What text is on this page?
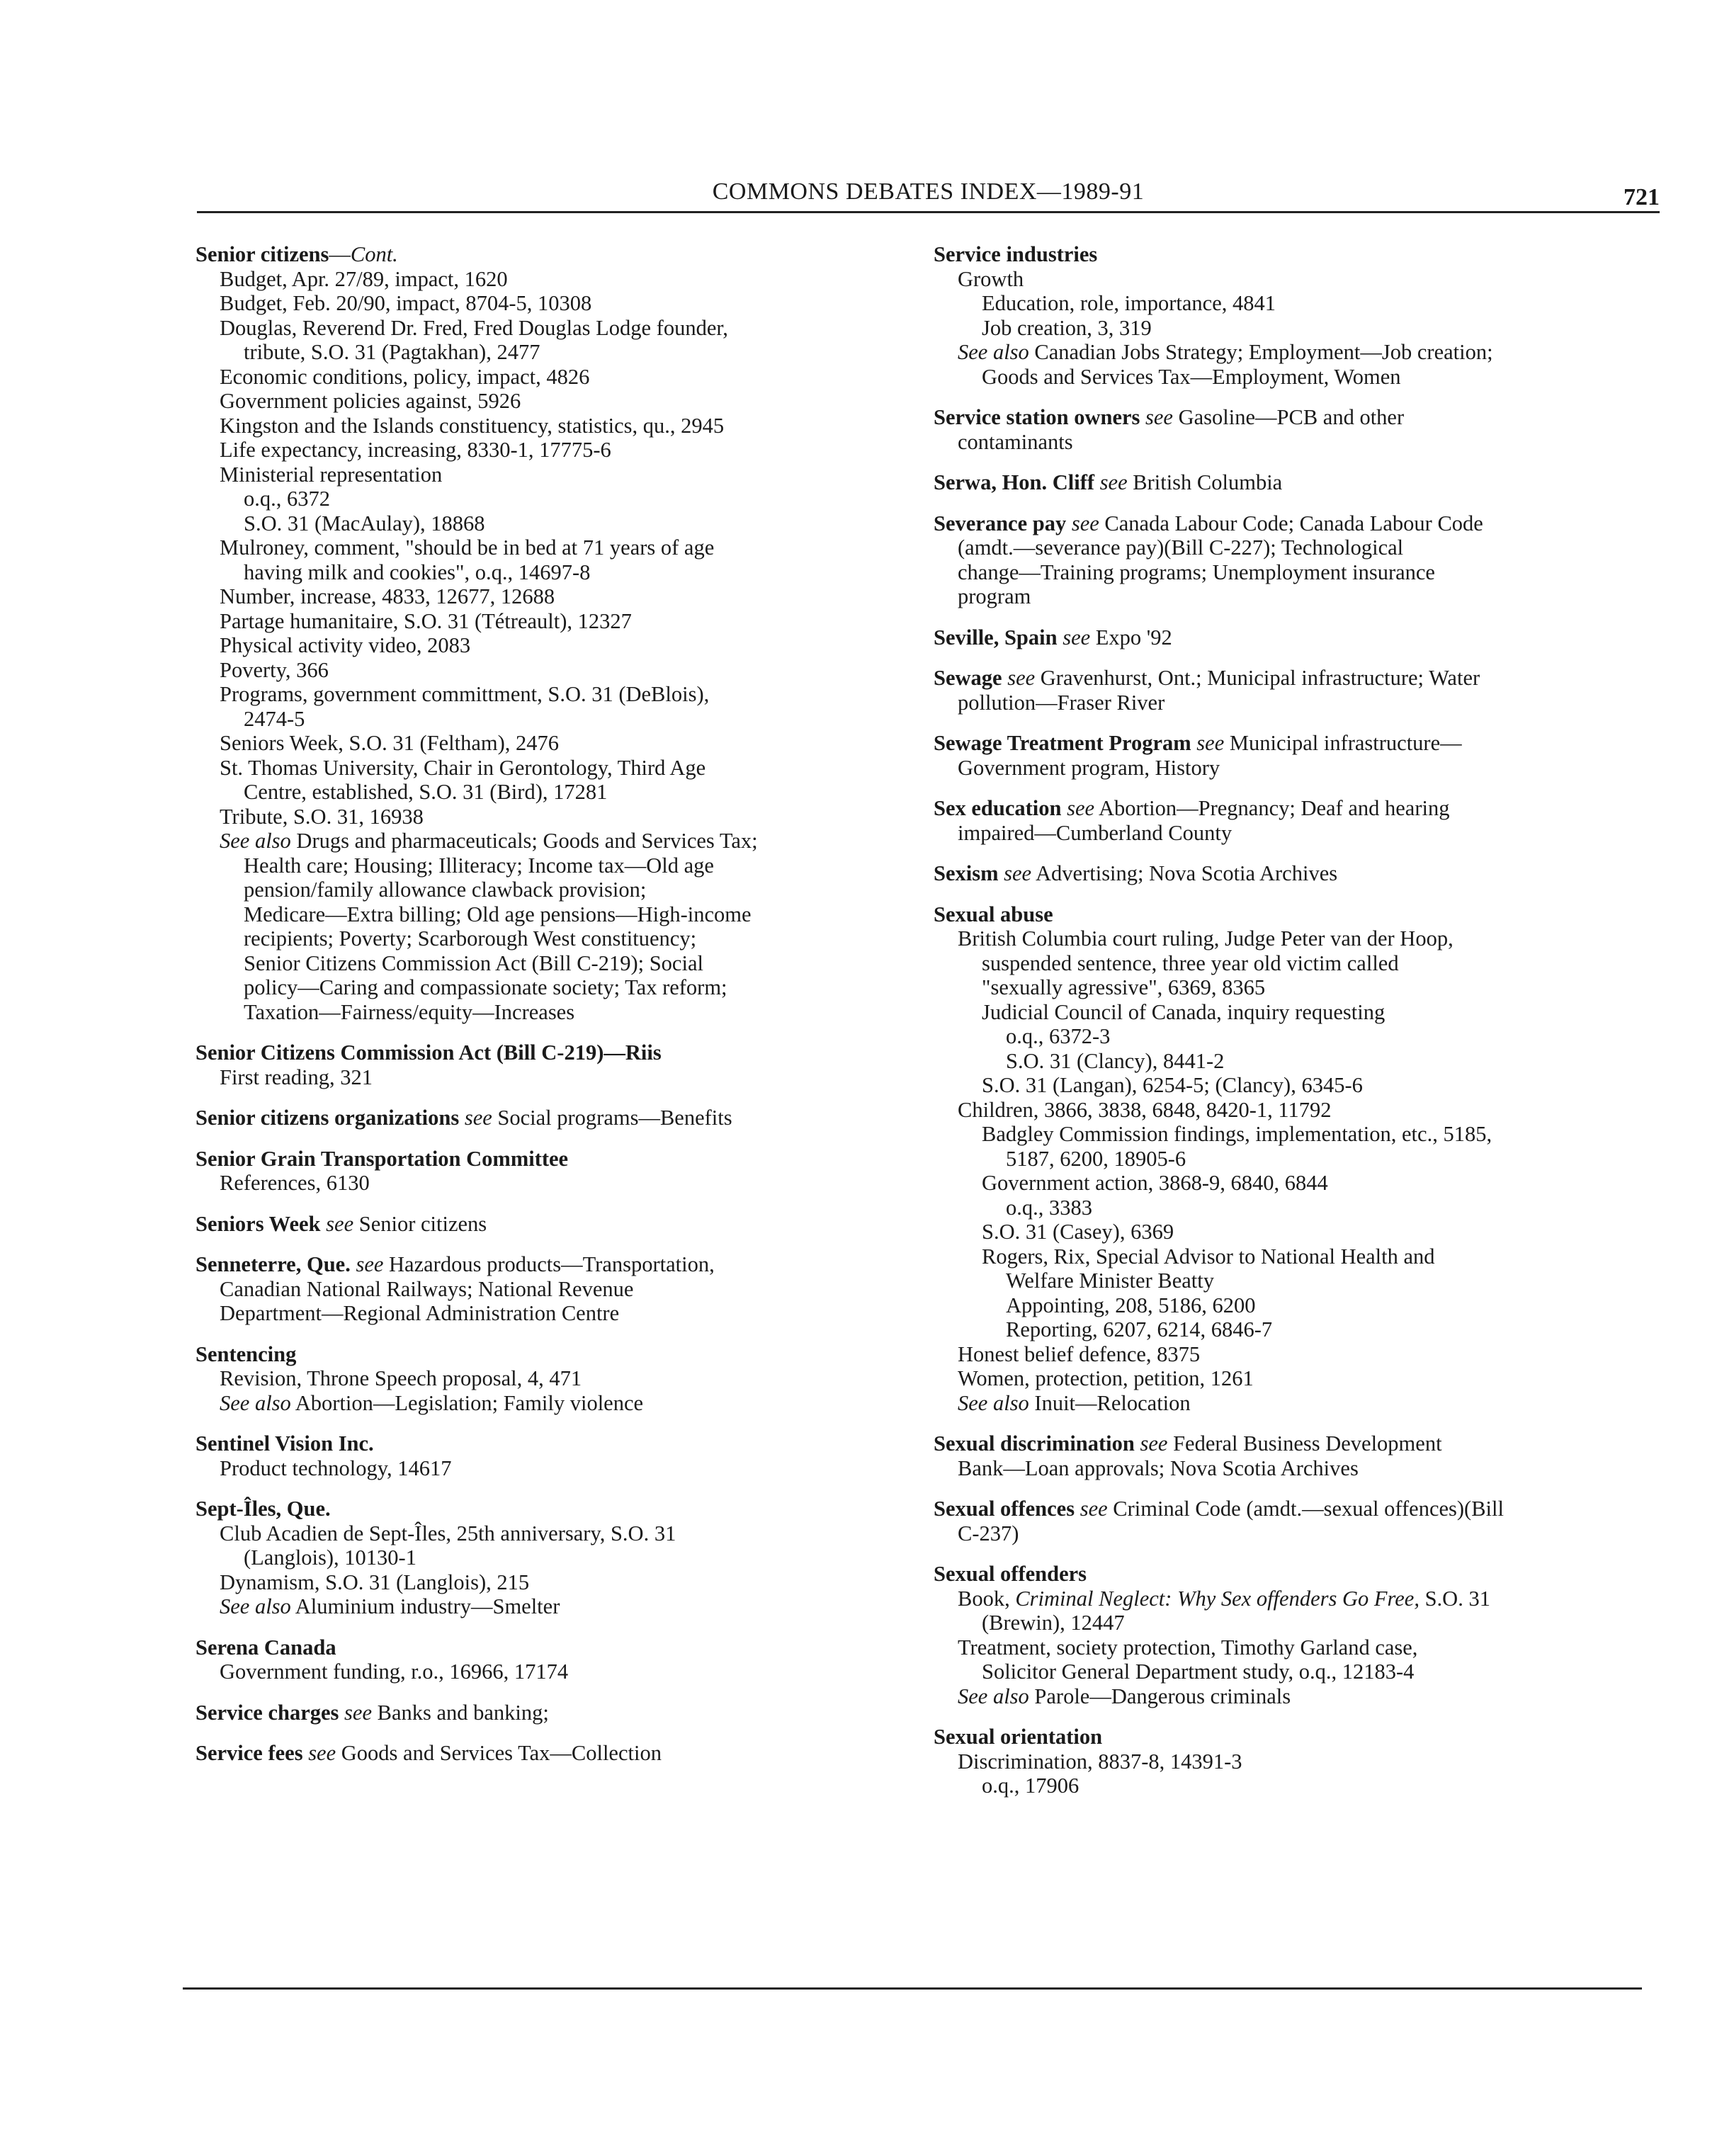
COMMONS DEBATES INDEX—1989-91	721
Senior citizens—Cont.
Budget, Apr. 27/89, impact, 1620
Budget, Feb. 20/90, impact, 8704-5, 10308
Douglas, Reverend Dr. Fred, Fred Douglas Lodge founder,
tribute, S.O. 31 (Pagtakhan), 2477
Economic conditions, policy, impact, 4826
Government policies against, 5926
Kingston and the Islands constituency, statistics, qu., 2945
Life expectancy, increasing, 8330-1, 17775-6
Ministerial representation
o.q., 6372
S.O. 31 (MacAulay), 18868
Mulroney, comment, "should be in bed at 71 years of age
having milk and cookies", o.q., 14697-8
Number, increase, 4833, 12677, 12688
Partage humanitaire, S.O. 31 (Tétreault), 12327
Physical activity video, 2083
Poverty, 366
Programs, government committment, S.O. 31 (DeBlois),
2474-5
Seniors Week, S.O. 31 (Feltham), 2476
St. Thomas University, Chair in Gerontology, Third Age
Centre, established, S.O. 31 (Bird), 17281
Tribute, S.O. 31, 16938
See also Drugs and pharmaceuticals; Goods and Services Tax;
Health care; Housing; Illiteracy; Income tax—Old age
pension/family allowance clawback provision;
Medicare—Extra billing; Old age pensions—High-income
recipients; Poverty; Scarborough West constituency;
Senior Citizens Commission Act (Bill C-219); Social
policy—Caring and compassionate society; Tax reform;
Taxation—Fairness/equity—Increases
Senior Citizens Commission Act (Bill C-219)—Riis
First reading, 321
Senior citizens organizations see Social programs—Benefits
Senior Grain Transportation Committee
References, 6130
Seniors Week see Senior citizens
Senneterre, Que. see Hazardous products—Transportation,
Canadian National Railways; National Revenue
Department—Regional Administration Centre
Sentencing
Revision, Throne Speech proposal, 4, 471
See also Abortion—Legislation; Family violence
Sentinel Vision Inc.
Product technology, 14617
Sept-Îles, Que.
Club Acadien de Sept-Îles, 25th anniversary, S.O. 31
(Langlois), 10130-1
Dynamism, S.O. 31 (Langlois), 215
See also Aluminium industry—Smelter
Serena Canada
Government funding, r.o., 16966, 17174
Service charges see Banks and banking;
Service fees see Goods and Services Tax—Collection
Service industries
Growth
Education, role, importance, 4841
Job creation, 3, 319
See also Canadian Jobs Strategy; Employment—Job creation;
Goods and Services Tax—Employment, Women
Service station owners see Gasoline—PCB and other
contaminants
Serwa, Hon. Cliff see British Columbia
Severance pay see Canada Labour Code; Canada Labour Code
(amdt.—severance pay)(Bill C-227); Technological
change—Training programs; Unemployment insurance
program
Seville, Spain see Expo '92
Sewage see Gravenhurst, Ont.; Municipal infrastructure; Water
pollution—Fraser River
Sewage Treatment Program see Municipal infrastructure—
Government program, History
Sex education see Abortion—Pregnancy; Deaf and hearing
impaired—Cumberland County
Sexism see Advertising; Nova Scotia Archives
Sexual abuse
British Columbia court ruling, Judge Peter van der Hoop,
suspended sentence, three year old victim called
"sexually agressive", 6369, 8365
Judicial Council of Canada, inquiry requesting
o.q., 6372-3
S.O. 31 (Clancy), 8441-2
S.O. 31 (Langan), 6254-5; (Clancy), 6345-6
Children, 3866, 3838, 6848, 8420-1, 11792
Badgley Commission findings, implementation, etc., 5185,
5187, 6200, 18905-6
Government action, 3868-9, 6840, 6844
o.q., 3383
S.O. 31 (Casey), 6369
Rogers, Rix, Special Advisor to National Health and
Welfare Minister Beatty
Appointing, 208, 5186, 6200
Reporting, 6207, 6214, 6846-7
Honest belief defence, 8375
Women, protection, petition, 1261
See also Inuit—Relocation
Sexual discrimination see Federal Business Development
Bank—Loan approvals; Nova Scotia Archives
Sexual offences see Criminal Code (amdt.—sexual offences)(Bill
C-237)
Sexual offenders
Book, Criminal Neglect: Why Sex offenders Go Free, S.O. 31
(Brewin), 12447
Treatment, society protection, Timothy Garland case,
Solicitor General Department study, o.q., 12183-4
See also Parole—Dangerous criminals
Sexual orientation
Discrimination, 8837-8, 14391-3
o.q., 17906
